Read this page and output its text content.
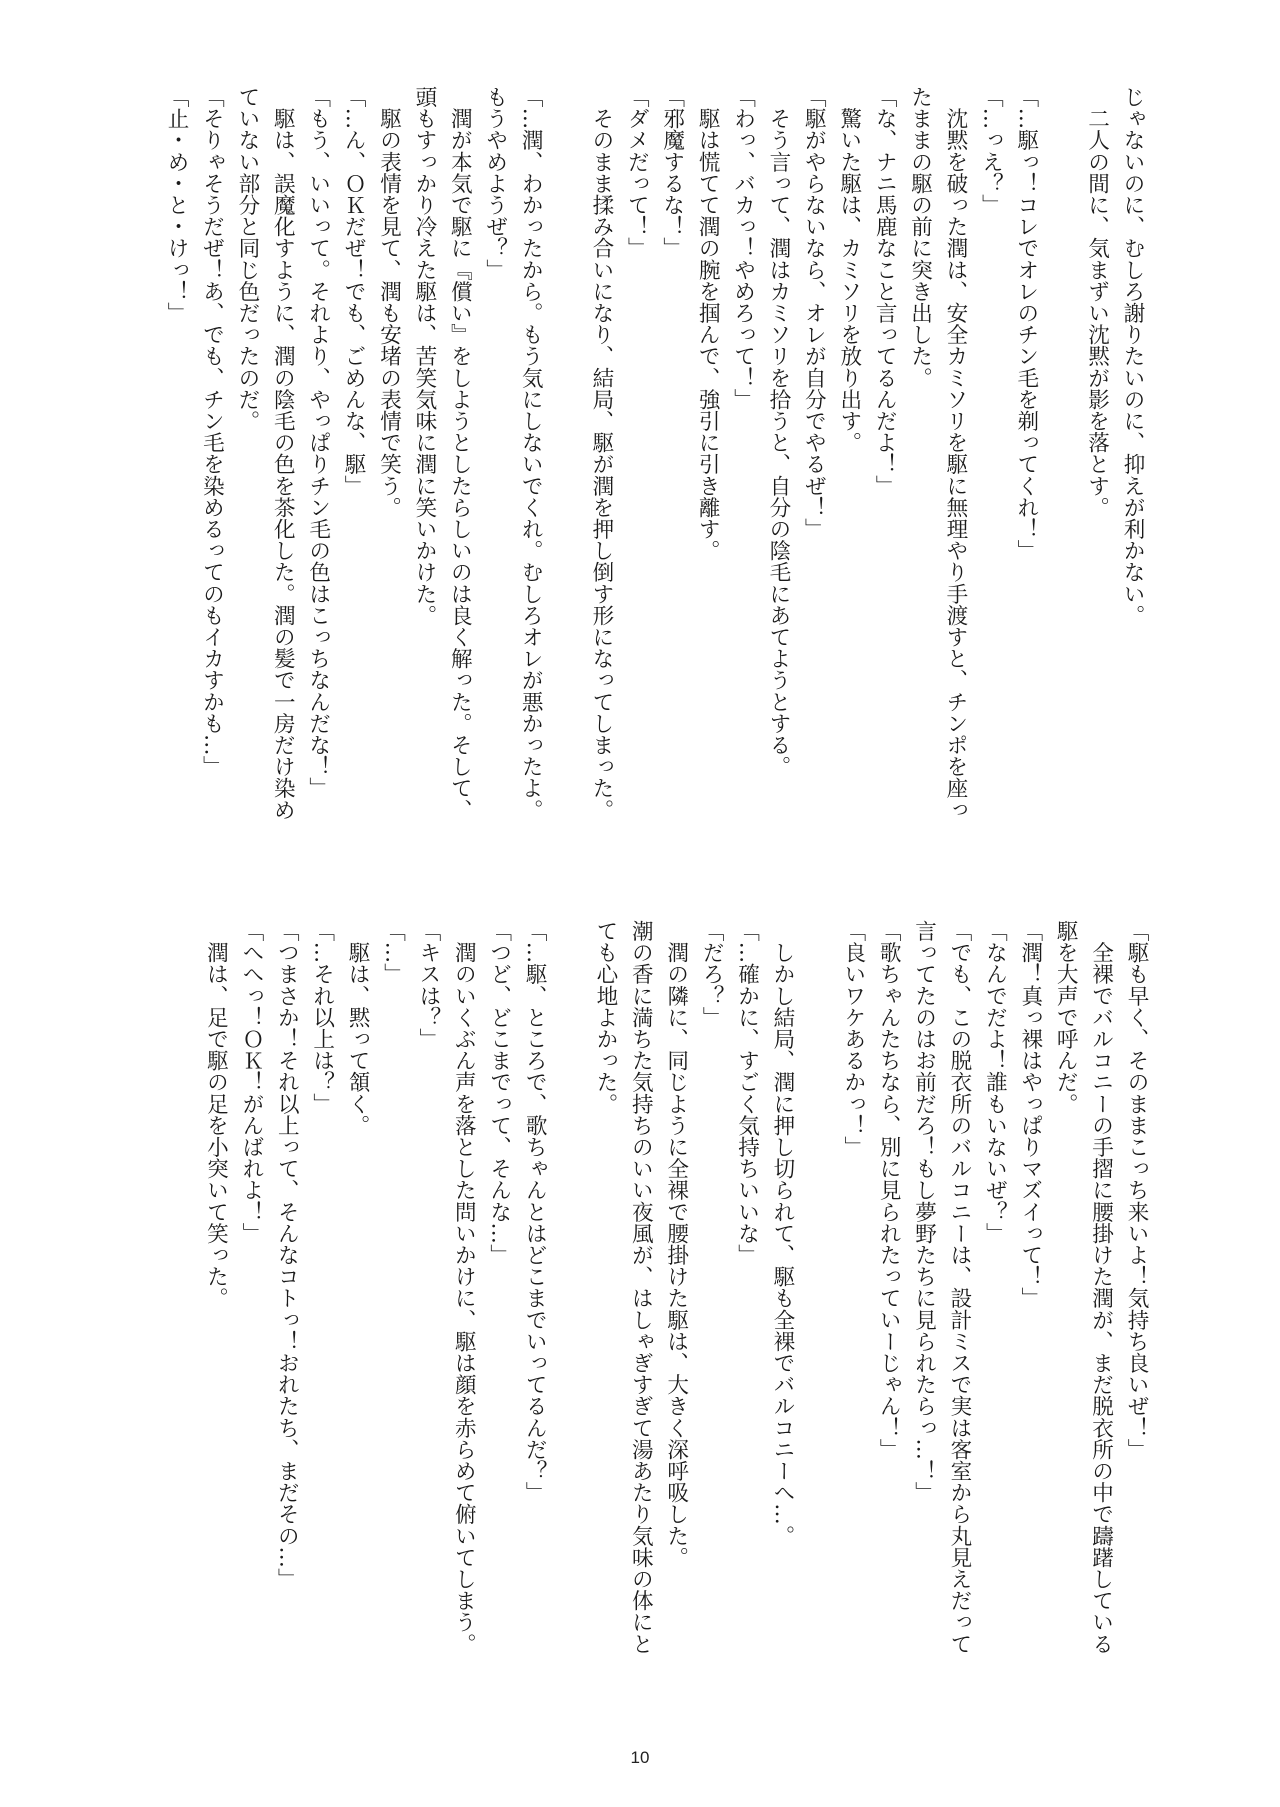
じゃないのに、むしろ謝りたいのに、抑えが利かない。
　二人の間に、気まずい沈黙が影を落とす。
「…駆っ！コレでオレのチン毛を剃ってくれ！」
「…っえ？」
　沈黙を破った潤は、安全カミソリを駆に無理やり手渡すと、チンポを座っ
たままの駆の前に突き出した。
「な、ナニ馬鹿なこと言ってるんだよ！」
　驚いた駆は、カミソリを放り出す。
「駆がやらないなら、オレが自分でやるぜ！」
　そう言って、潤はカミソリを拾うと、自分の陰毛にあてようとする。
「わっ、バカっ！やめろって！」
　駆は慌てて潤の腕を掴んで、強引に引き離す。
「邪魔するな！」
「ダメだって！」
　そのまま揉み合いになり、結局、駆が潤を押し倒す形になってしまった。
「…潤、わかったから。もう気にしないでくれ。むしろオレが悪かったよ。
もうやめようぜ？」
　潤が本気で駆に『償い』をしようとしたらしいのは良く解った。そして、
頭もすっかり冷えた駆は、苦笑気味に潤に笑いかけた。
　駆の表情を見て、潤も安堵の表情で笑う。
「…ん、ＯＫだぜ！でも、ごめんな、駆」
「もう、いいって。それより、やっぱりチン毛の色はこっちなんだな！」
　駆は、誤魔化すように、潤の陰毛の色を茶化した。潤の髪で一房だけ染め
ていない部分と同じ色だったのだ。
「そりゃそうだぜ！あ、でも、チン毛を染めるってのもイカすかも…」
「止・め・と・けっ！」
「駆も早く、そのままこっち来いよ！気持ち良いぜ！」
　全裸でバルコニーの手摺に腰掛けた潤が、まだ脱衣所の中で躊躇している
駆を大声で呼んだ。
「潤！真っ裸はやっぱりマズイって！」
「なんでだよ！誰もいないぜ？」
「でも、この脱衣所のバルコニーは、設計ミスで実は客室から丸見えだって
言ってたのはお前だろ！もし夢野たちに見られたらっ…！」
「歌ちゃんたちなら、別に見られたっていーじゃん！」
「良いワケあるかっ！」
　しかし結局、潤に押し切られて、駆も全裸でバルコニーへ…。
「…確かに、すごく気持ちいいな」
「だろ？」
　潤の隣に、同じように全裸で腰掛けた駆は、大きく深呼吸した。
潮の香に満ちた気持ちのいい夜風が、はしゃぎすぎて湯あたり気味の体にと
ても心地よかった。
「…駆、ところで、歌ちゃんとはどこまでいってるんだ？」
「つど、どこまでって、そんな…」
　潤のいくぶん声を落とした問いかけに、駆は顔を赤らめて俯いてしまう。
「キスは？」
「…」
　駆は、黙って頷く。
「…それ以上は？」
「つまさか！それ以上って、そんなコトっ！おれたち、まだその…」
「へへっ！ＯＫ！がんばれよ！」
　潤は、足で駆の足を小突いて笑った。
10
